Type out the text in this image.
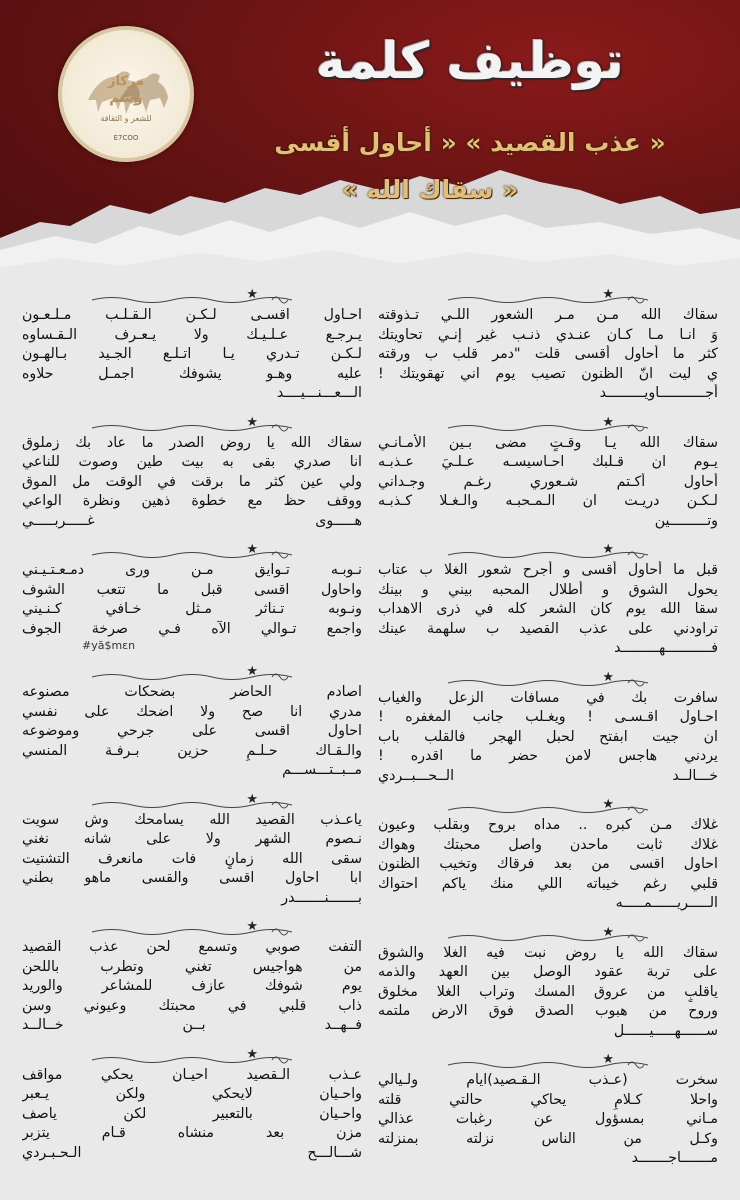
مركاز
وسم
للشعر و الثقافة
E7COO
توظيف كلمة
« عذب القصيد » « أحاول أقسى
« سقاك الله »
★
سقاك الله مـن مـر الشعور اللـي تـذوقته
وَ انـا مـا كـان عنـدي ذنـب غير إنـي تحاويتك
كثر ما أحاول أقسى قلت "دمر قلب ب ورقته
ي ليت انّ الظنون تصيب يوم اني تهقويتك !
أجـــــــــــاويـــــــــد
★
سقاك الله يـا وقـتٍ مضى بـين الأمـانـي
يـوم ان قـلبك احـاسيسـه عـلـيَ عـذبـه
أحاول أكـتم شـعوري رغـم وجـداني
لـكـن دريـت ان الـمـحبـه والـغـلا كـذبـه
وتـــــــــين
★
قبل ما أحاول أقسى و أجرح شعور الغلا ب عتاب
يحول الشوق و أطلال المحبه بيني و بينك
سقا الله يوم كان الشعر كله في ذرى الاهداب
تراودني على عذب القصيد ب سلهمة عينك
فـــــــــــهـــــــــد
★
سافرت بك في مسافات الزعل والغياب
احـاول اقـسـى ! ويغـلب جانب المغفره !
ان جيت ابفتح لحبل الهجر فالقلب باب
يردني هاجس لامن حضر ما اقدره !
خـــالــد الــحـــبــردي
★
غلاك مـن كبره .. مداه بروح وبقلب وعيون
غلاك ثابت ماحدن واصل محبتك وهواك
احاول اقسى من بعد فرقاك وتخيب الظنون
قلبي رغم خيباته اللي منك ياكم احتواك
الـــــريــــــمـــــه
★
سقاك الله يا روض نبت فيه الغلا والشوق
على تربة عقود الوصل بين العهد والذمه
ياقلبٍ من عروق المسك وتراب الغلا مخلوق
وروح من هبوب الصدق فوق الارض ملتمه
ســــــهـــــيــــــل
★
سخرت (عـذب الـقـصيد)ايام ولـيالي
واحلا كـلامٍ يحاكي حالتي قلته
مـاني بمسؤول عن رغبات عذالي
وكـل من الناس نزلته بمنزلته
مـــــــاجـــــــد
★
احـاول اقسـى لـكـن الـقـلـب مـلـعـون
يـرجـع عـلـيـك ولا يـعـرف الـقـساوه
لـكـن تـدري يـا اتـلـع الجـيد بـالهـون
عليه وهـو يشوفك اجمـل حلاوه
الـــعـــنـــيــــد
★
سقاك الله يا روض الصدر ما عاد بك زملوق
انا صدري بقى به بيت طين وصوت للناعي
ولي عين كثر ما برقت في الوقت مل الموق
ووقف حظ مع خطوة ذهين ونظرة الواعي
هـــــوى غـــــربـــــي
★
نـوبـه تـوايق مـن ورى دمـعـتـيـني
واحاول اقسى قبل ما تتعب الشوف
ونـوبه تـناثر مـثل خـافي كـنـيني
واجمع تـوالي الآه فـي صرخة الجوف
#yā$mɛn
★
اصادم الحاضر بضحكات مصنوعه
مدري انا صح ولا اضحك على نفسي
احاول اقسى على جرحي وموضوعه
والـقـاك حـلـمٍ حزين بـرفـة المنسي
مــبــتـــســـم
★
ياعـذب القصيد الله يسامحك وش سويت
نـصوم الشهر ولا على شانه نغني
سقى الله زمانٍ فات مانعرف التشتيت
ابا احاول اقسى والقسى ماهو بطني
بـــــــنـــــــدر
★
التفت صوبي وتسمع لحن عذب القصيد
من هواجيس تغني وتطرب باللحن
يوم شوفك عازف للمشاعر والوريد
ذاب قلبي في محبتك وعيوني وسن
فــهــد بــن خــالــد
★
عـذب الـقصيد احيـان يحكي مواقف
واحـيان لايحكي ولكن يـعبر
واحـيان بالتعبير لكن ياصف
مزن بعد منشاه قـام يتزبر
شـــالـــح الـحـبـردي
